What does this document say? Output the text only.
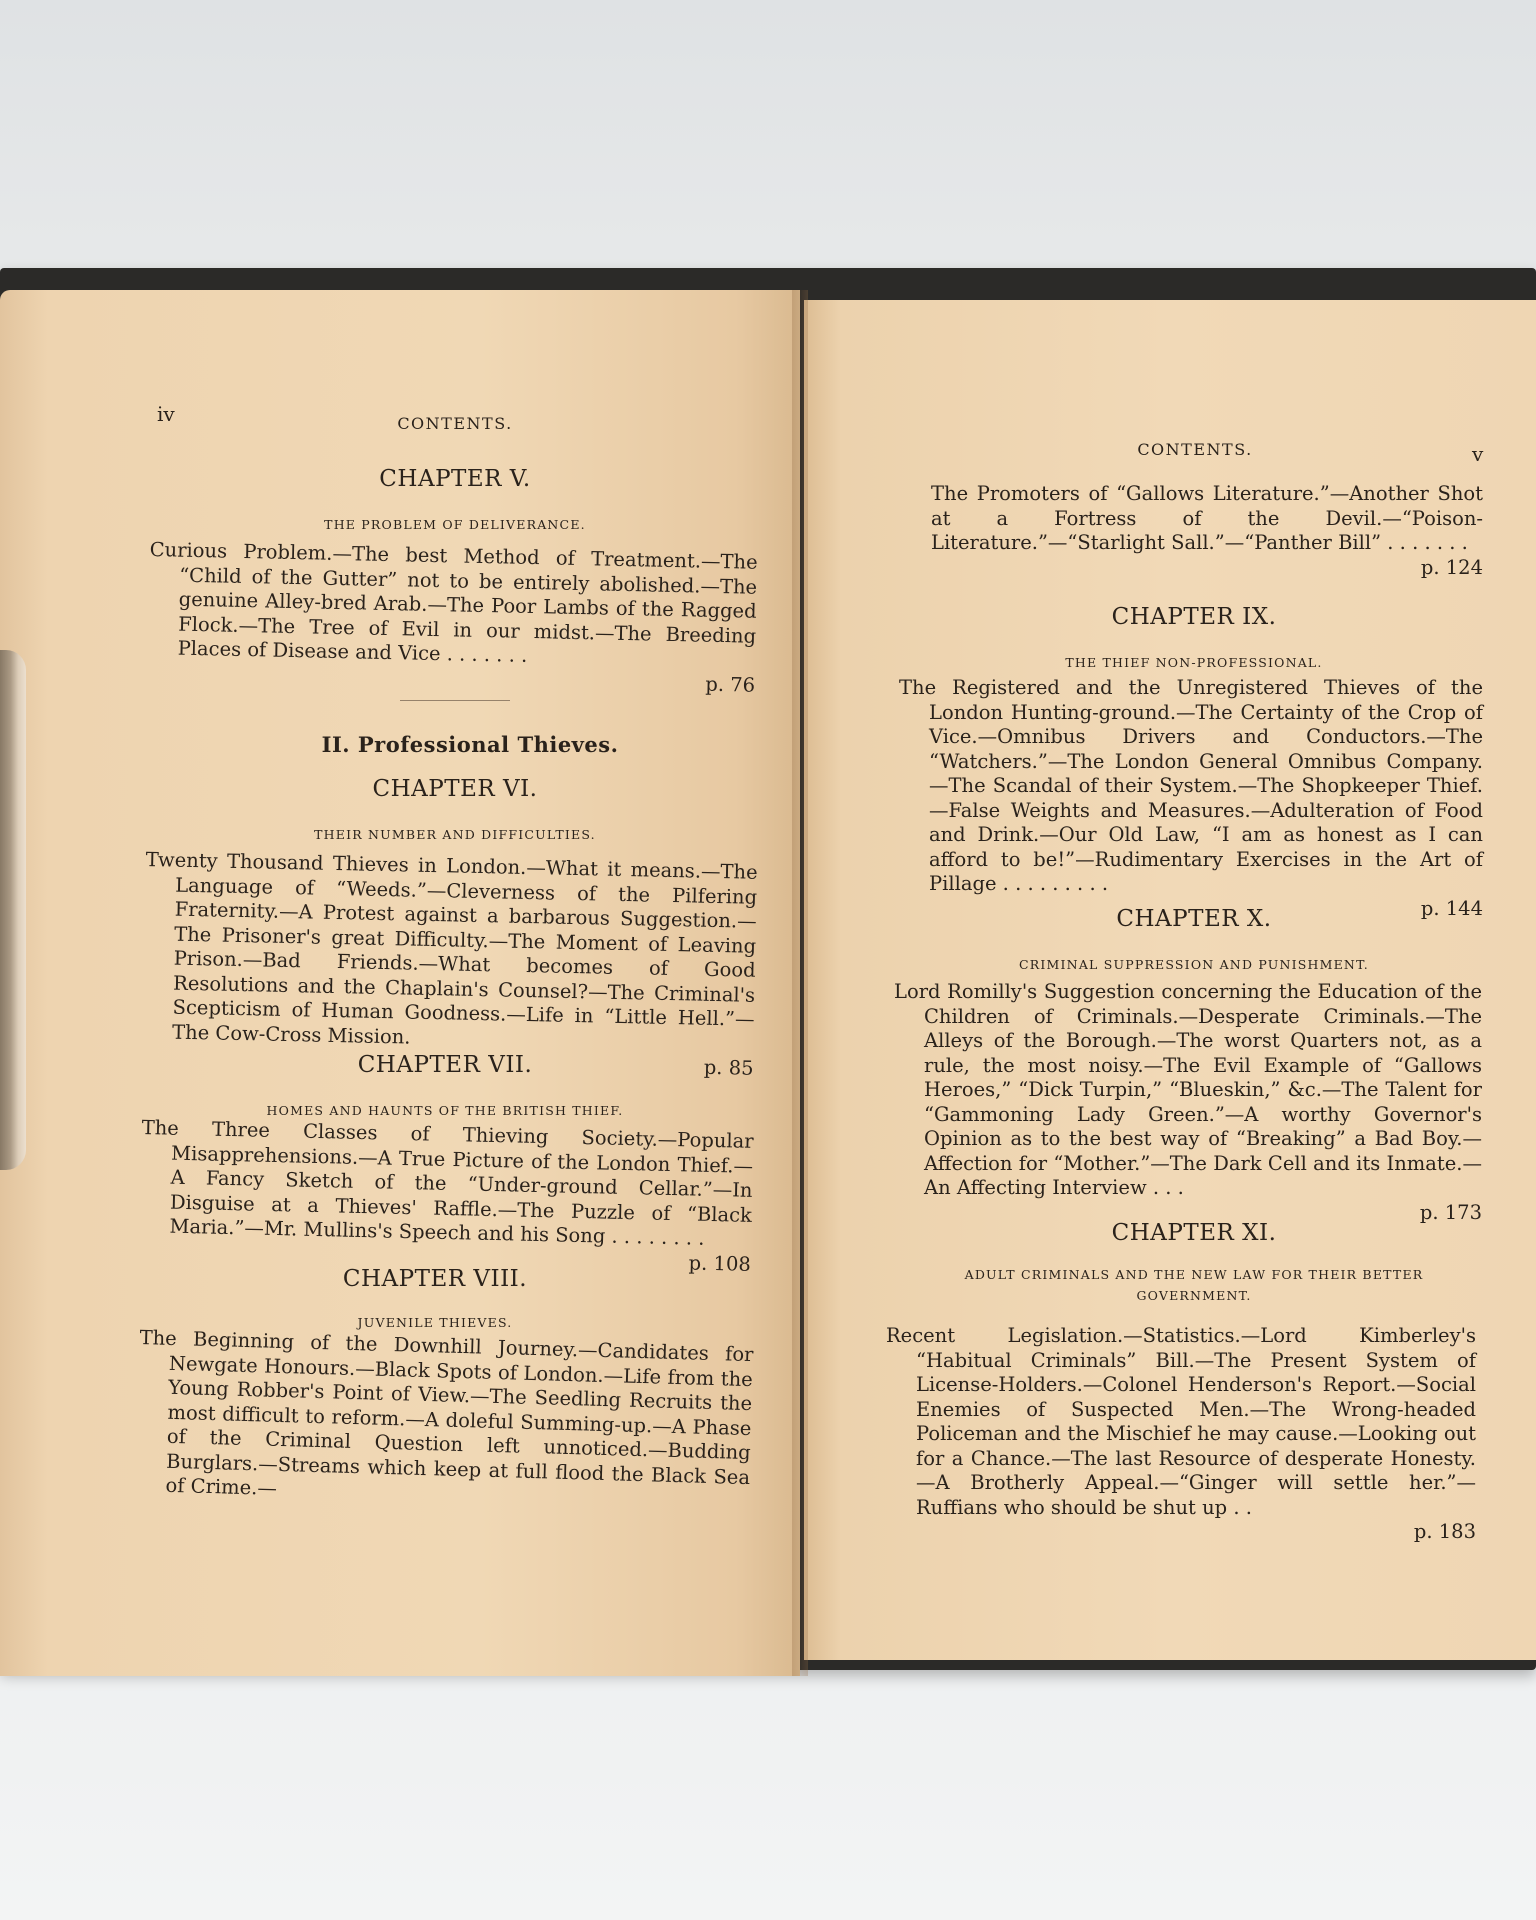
iv	CONTENTS.
CHAPTER V.
THE PROBLEM OF DELIVERANCE.
Curious Problem.—The best Method of Treatment.—The “Child of the Gutter” not to be entirely abolished.—The genuine Alley-bred Arab.—The Poor Lambs of the Ragged Flock.—The Tree of Evil in our midst.—The Breeding Places of Disease and Vice . . . . . . .
p. 76
II. Professional Thieves.
CHAPTER VI.
THEIR NUMBER AND DIFFICULTIES.
Twenty Thousand Thieves in London.—What it means.—The Language of “Weeds.”—Cleverness of the Pilfering Fraternity.—A Protest against a barbarous Suggestion.—The Prisoner's great Difficulty.—The Moment of Leaving Prison.—Bad Friends.—What becomes of Good Resolutions and the Chaplain's Counsel?—The Criminal's Scepticism of Human Goodness.—Life in “Little Hell.”—The Cow-Cross Mission.
p. 85
CHAPTER VII.
HOMES AND HAUNTS OF THE BRITISH THIEF.
The Three Classes of Thieving Society.—Popular Misapprehensions.—A True Picture of the London Thief.—A Fancy Sketch of the “Under-ground Cellar.”—In Disguise at a Thieves' Raffle.—The Puzzle of “Black Maria.”—Mr. Mullins's Speech and his Song . . . . . . . .
p. 108
CHAPTER VIII.
JUVENILE THIEVES.
The Beginning of the Downhill Journey.—Candidates for Newgate Honours.—Black Spots of London.—Life from the Young Robber's Point of View.—The Seedling Recruits the most difficult to reform.—A doleful Summing-up.—A Phase of the Criminal Question left unnoticed.—Budding Burglars.—Streams which keep at full flood the Black Sea of Crime.—
CONTENTS.	v
The Promoters of “Gallows Literature.”—Another Shot at a Fortress of the Devil.—“Poison-Literature.”—“Starlight Sall.”—“Panther Bill” . . . . . . .
p. 124
CHAPTER IX.
THE THIEF NON-PROFESSIONAL.
The Registered and the Unregistered Thieves of the London Hunting-ground.—The Certainty of the Crop of Vice.—Omnibus Drivers and Conductors.—The “Watchers.”—The London General Omnibus Company.—The Scandal of their System.—The Shopkeeper Thief.—False Weights and Measures.—Adulteration of Food and Drink.—Our Old Law, “I am as honest as I can afford to be!”—Rudimentary Exercises in the Art of Pillage . . . . . . . . .
p. 144
CHAPTER X.
CRIMINAL SUPPRESSION AND PUNISHMENT.
Lord Romilly's Suggestion concerning the Education of the Children of Criminals.—Desperate Criminals.—The Alleys of the Borough.—The worst Quarters not, as a rule, the most noisy.—The Evil Example of “Gallows Heroes,” “Dick Turpin,” “Blueskin,” &c.—The Talent for “Gammoning Lady Green.”—A worthy Governor's Opinion as to the best way of “Breaking” a Bad Boy.—Affection for “Mother.”—The Dark Cell and its Inmate.—An Affecting Interview . . .
p. 173
CHAPTER XI.
ADULT CRIMINALS AND THE NEW LAW FOR THEIR BETTER GOVERNMENT.
Recent Legislation.—Statistics.—Lord Kimberley's “Habitual Criminals” Bill.—The Present System of License-Holders.—Colonel Henderson's Report.—Social Enemies of Suspected Men.—The Wrong-headed Policeman and the Mischief he may cause.—Looking out for a Chance.—The last Resource of desperate Honesty.—A Brotherly Appeal.—“Ginger will settle her.”—Ruffians who should be shut up . .
p. 183
